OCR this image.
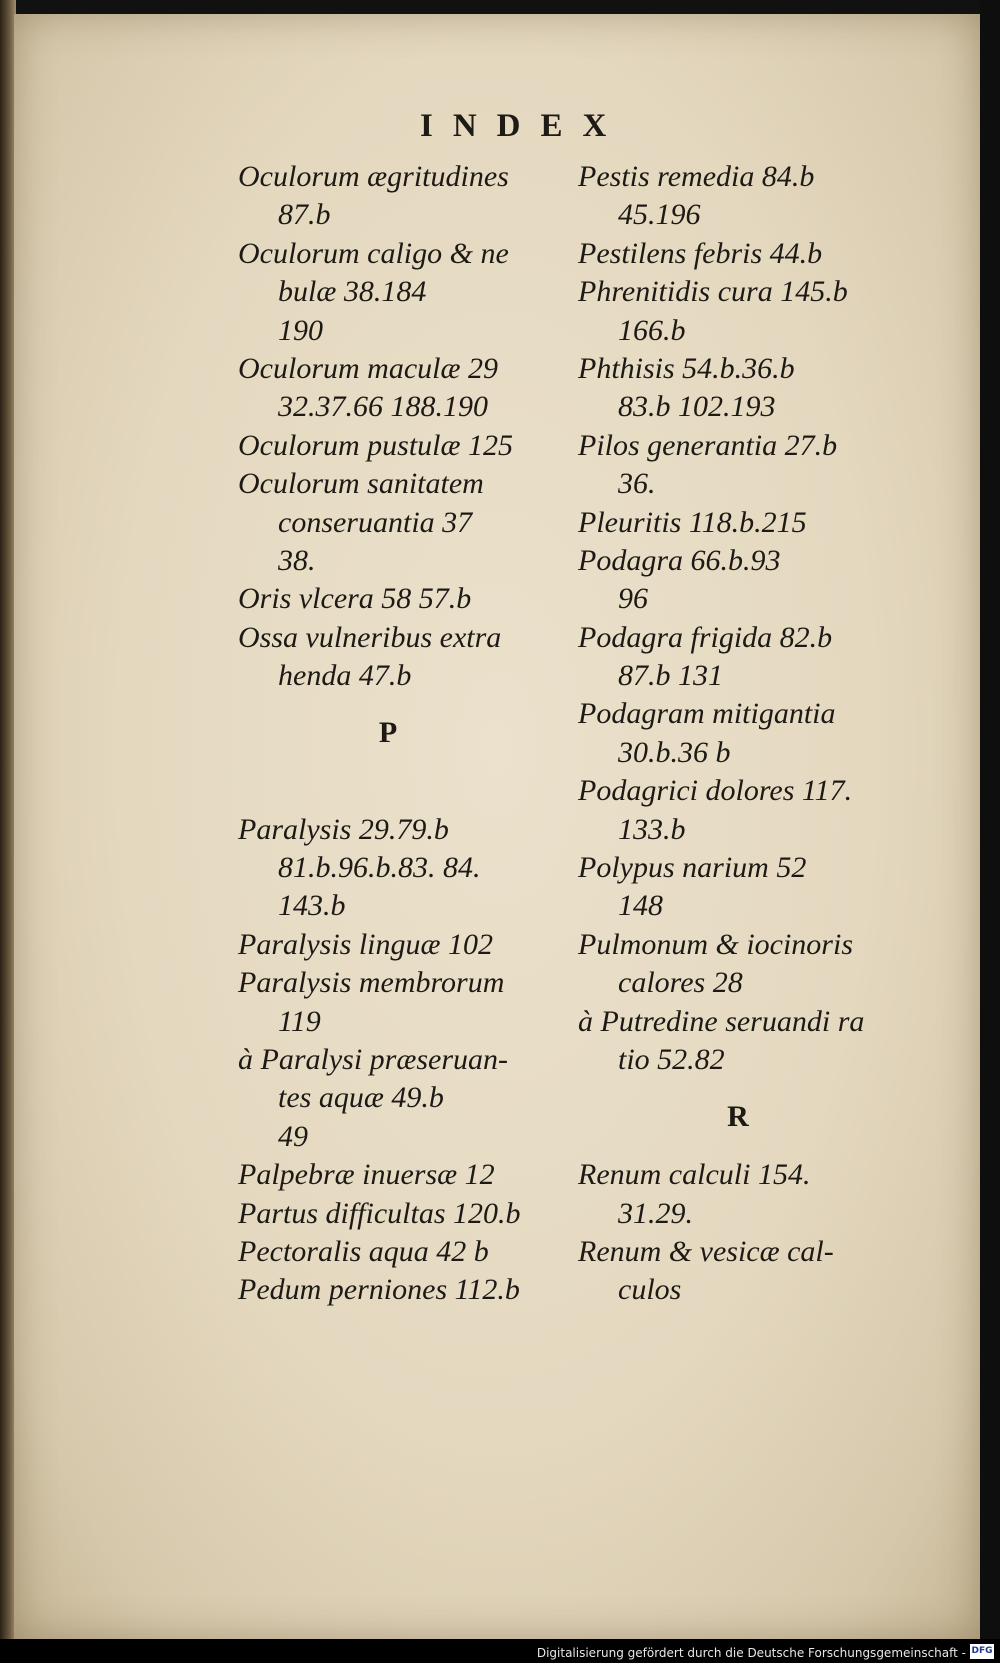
INDEX
Oculorum ægritudines
87.b
Oculorum caligo & ne
bulæ 38.184
190
Oculorum maculæ 29
32.37.66 188.190
Oculorum pustulæ 125
Oculorum sanitatem
conseruantia 37
38.
Oris vlcera 58 57.b
Ossa vulneribus extra
henda 47.b
P
Paralysis 29.79.b
81.b.96.b.83. 84.
143.b
Paralysis linguæ 102
Paralysis membrorum
119
à Paralysi præseruan-
tes aquæ 49.b
49
Palpebræ inuersæ 12
Partus difficultas 120.b
Pectoralis aqua 42 b
Pedum perniones 112.b
Pestis remedia 84.b
45.196
Pestilens febris 44.b
Phrenitidis cura 145.b
166.b
Phthisis 54.b.36.b
83.b 102.193
Pilos generantia 27.b
36.
Pleuritis 118.b.215
Podagra 66.b.93
96
Podagra frigida 82.b
87.b 131
Podagram mitigantia
30.b.36 b
Podagrici dolores 117.
133.b
Polypus narium 52
148
Pulmonum & iocinoris
calores 28
à Putredine seruandi ra
tio 52.82
R
Renum calculi 154.
31.29.
Renum & vesicæ cal-
culos
Digitalisierung gefördert durch die Deutsche Forschungsgemeinschaft - DFG
